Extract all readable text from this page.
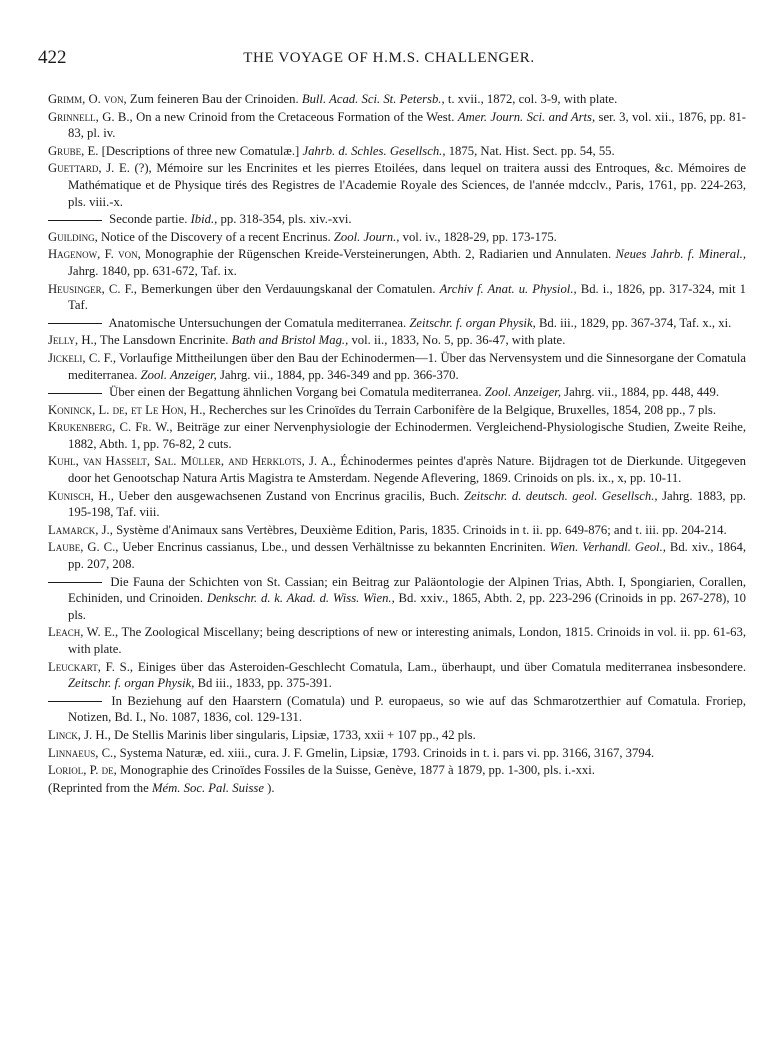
422	THE VOYAGE OF H.M.S. CHALLENGER.

Grimm, O. von, Zum feineren Bau der Crinoiden. Bull. Acad. Sci. St. Petersb., t. xvii., 1872, col. 3-9, with plate.

Grinnell, G. B., On a new Crinoid from the Cretaceous Formation of the West. Amer. Journ. Sci. and Arts, ser. 3, vol. xii., 1876, pp. 81-83, pl. iv.

Grube, E. [Descriptions of three new Comatulæ.] Jahrb. d. Schles. Gesellsch., 1875, Nat. Hist. Sect. pp. 54, 55.

Guettard, J. E. (?), Mémoire sur les Encrinites et les pierres Etoilées, dans lequel on traitera aussi des Entroques, &c. Mémoires de Mathématique et de Physique tirés des Registres de l'Academie Royale des Sciences, de l'année mdcclv., Paris, 1761, pp. 224-263, pls. viii.-x.

Seconde partie. Ibid., pp. 318-354, pls. xiv.-xvi.

Guilding, Notice of the Discovery of a recent Encrinus. Zool. Journ., vol. iv., 1828-29, pp. 173-175.

Hagenow, F. von, Monographie der Rügenschen Kreide-Versteinerungen, Abth. 2, Radiarien und Annulaten. Neues Jahrb. f. Mineral., Jahrg. 1840, pp. 631-672, Taf. ix.

Heusinger, C. F., Bemerkungen über den Verdauungskanal der Comatulen. Archiv f. Anat. u. Physiol., Bd. i., 1826, pp. 317-324, mit 1 Taf.

Anatomische Untersuchungen der Comatula mediterranea. Zeitschr. f. organ Physik, Bd. iii., 1829, pp. 367-374, Taf. x., xi.

Jelly, H., The Lansdown Encrinite. Bath and Bristol Mag., vol. ii., 1833, No. 5, pp. 36-47, with plate.

Jickeli, C. F., Vorlaufige Mittheilungen über den Bau der Echinodermen—1. Über das Nervensystem und die Sinnesorgane der Comatula mediterranea. Zool. Anzeiger, Jahrg. vii., 1884, pp. 346-349 and pp. 366-370.

Über einen der Begattung ähnlichen Vorgang bei Comatula mediterranea. Zool. Anzeiger, Jahrg. vii., 1884, pp. 448, 449.

Koninck, L. de, et Le Hon, H., Recherches sur les Crinoïdes du Terrain Carbonifère de la Belgique, Bruxelles, 1854, 208 pp., 7 pls.

Krukenberg, C. Fr. W., Beiträge zur einer Nervenphysiologie der Echinodermen. Vergleichend-Physiologische Studien, Zweite Reihe, 1882, Abth. 1, pp. 76-82, 2 cuts.

Kuhl, van Hasselt, Sal. Müller, and Herklots, J. A., Échinodermes peintes d'après Nature. Bijdragen tot de Dierkunde. Uitgegeven door het Genootschap Natura Artis Magistra te Amsterdam. Negende Aflevering, 1869. Crinoids on pls. ix., x, pp. 10-11.

Kunisch, H., Ueber den ausgewachsenen Zustand von Encrinus gracilis, Buch. Zeitschr. d. deutsch. geol. Gesellsch., Jahrg. 1883, pp. 195-198, Taf. viii.

Lamarck, J., Système d'Animaux sans Vertèbres, Deuxième Edition, Paris, 1835. Crinoids in t. ii. pp. 649-876; and t. iii. pp. 204-214.

Laube, G. C., Ueber Encrinus cassianus, Lbe., und dessen Verhältnisse zu bekannten Encriniten. Wien. Verhandl. Geol., Bd. xiv., 1864, pp. 207, 208.

Die Fauna der Schichten von St. Cassian; ein Beitrag zur Paläontologie der Alpinen Trias, Abth. I, Spongiarien, Corallen, Echiniden, und Crinoiden. Denkschr. d. k. Akad. d. Wiss. Wien., Bd. xxiv., 1865, Abth. 2, pp. 223-296 (Crinoids in pp. 267-278), 10 pls.

Leach, W. E., The Zoological Miscellany; being descriptions of new or interesting animals, London, 1815. Crinoids in vol. ii. pp. 61-63, with plate.

Leuckart, F. S., Einiges über das Asteroiden-Geschlecht Comatula, Lam., überhaupt, und über Comatula mediterranea insbesondere. Zeitschr. f. organ Physik, Bd iii., 1833, pp. 375-391.

In Beziehung auf den Haarstern (Comatula) und P. europaeus, so wie auf das Schmarotzerthier auf Comatula. Froriep, Notizen, Bd. I., No. 1087, 1836, col. 129-131.

Linck, J. H., De Stellis Marinis liber singularis, Lipsiæ, 1733, xxii + 107 pp., 42 pls.

Linnaeus, C., Systema Naturæ, ed. xiii., cura. J. F. Gmelin, Lipsiæ, 1793. Crinoids in t. i. pars vi. pp. 3166, 3167, 3794.

Loriol, P. de, Monographie des Crinoïdes Fossiles de la Suisse, Genève, 1877 à 1879, pp. 1-300, pls. i.-xxi.

(Reprinted from the Mém. Soc. Pal. Suisse ).
